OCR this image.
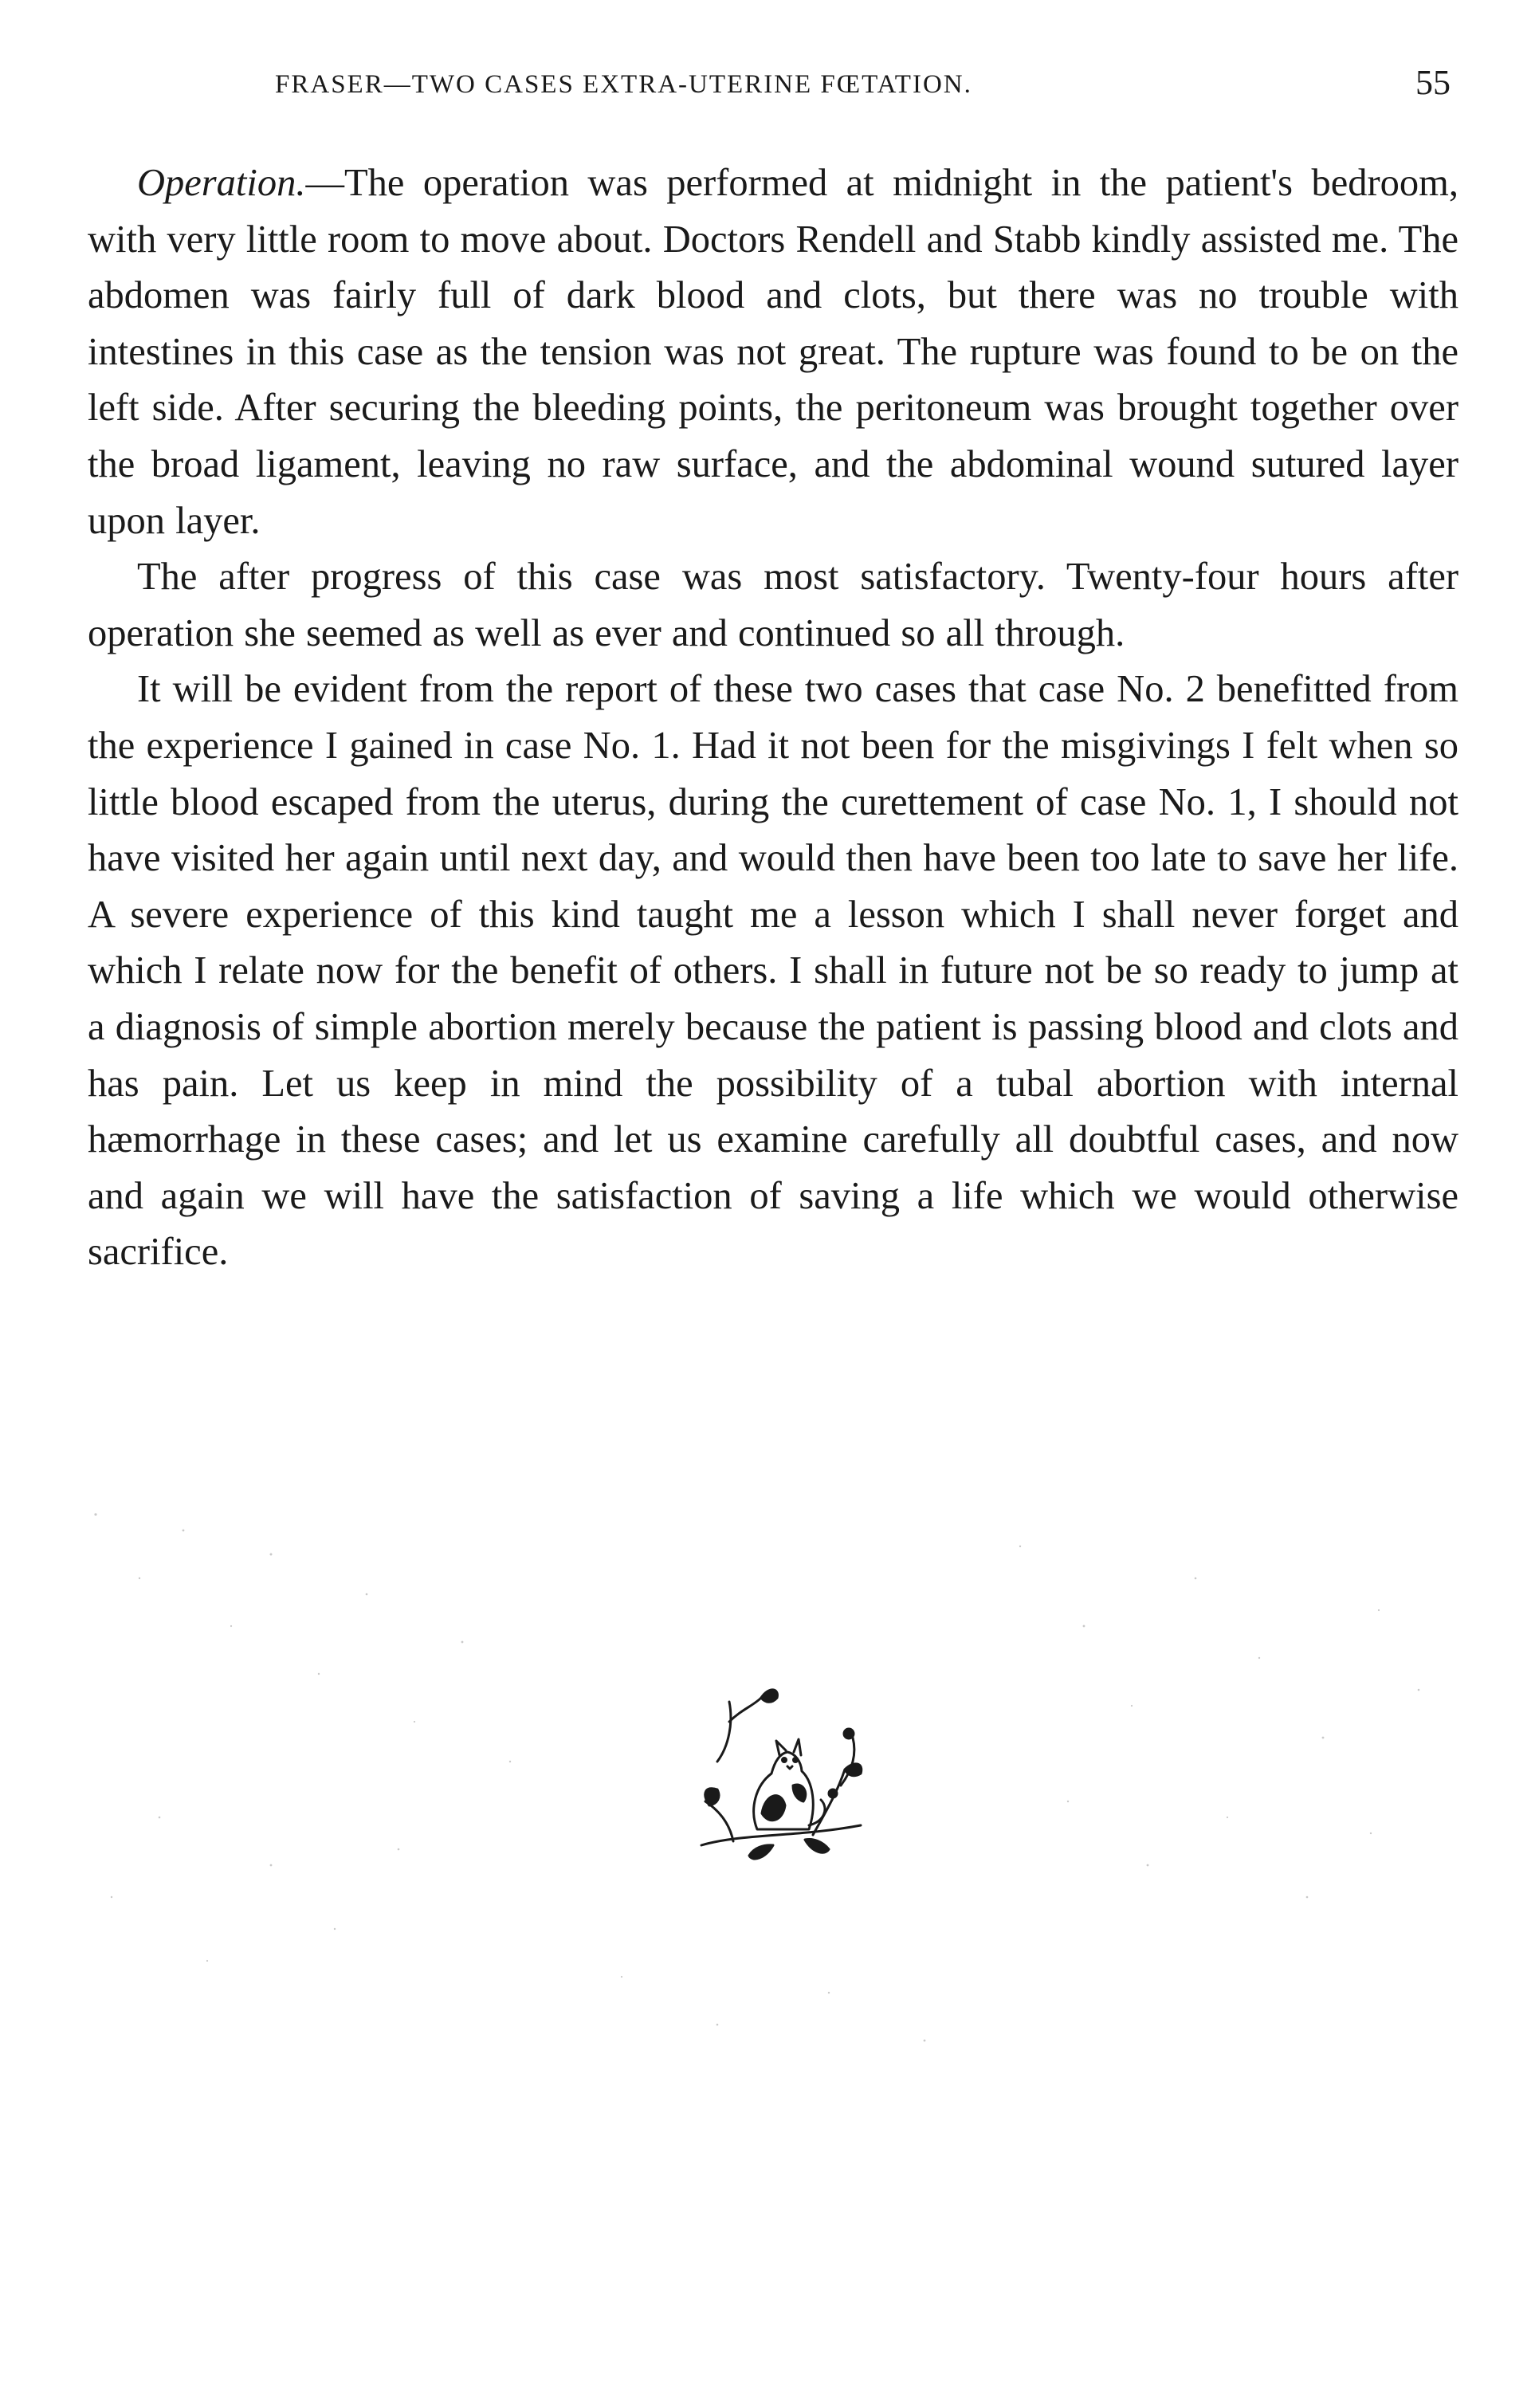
FRASER—TWO CASES EXTRA-UTERINE FŒTATION.	55

Operation.—The operation was performed at midnight in the patient's bedroom, with very little room to move about. Doctors Rendell and Stabb kindly assisted me. The abdomen was fairly full of dark blood and clots, but there was no trouble with intestines in this case as the tension was not great. The rupture was found to be on the left side. After securing the bleeding points, the peritoneum was brought together over the broad ligament, leaving no raw surface, and the abdominal wound sutured layer upon layer.

The after progress of this case was most satisfactory. Twenty-four hours after operation she seemed as well as ever and continued so all through.

It will be evident from the report of these two cases that case No. 2 benefitted from the experience I gained in case No. 1. Had it not been for the misgivings I felt when so little blood escaped from the uterus, during the curettement of case No. 1, I should not have visited her again until next day, and would then have been too late to save her life. A severe experience of this kind taught me a lesson which I shall never forget and which I relate now for the benefit of others. I shall in future not be so ready to jump at a diagnosis of simple abortion merely because the patient is passing blood and clots and has pain. Let us keep in mind the possibility of a tubal abortion with internal hæmorrhage in these cases; and let us examine carefully all doubtful cases, and now and again we will have the satisfaction of saving a life which we would otherwise sacrifice.
